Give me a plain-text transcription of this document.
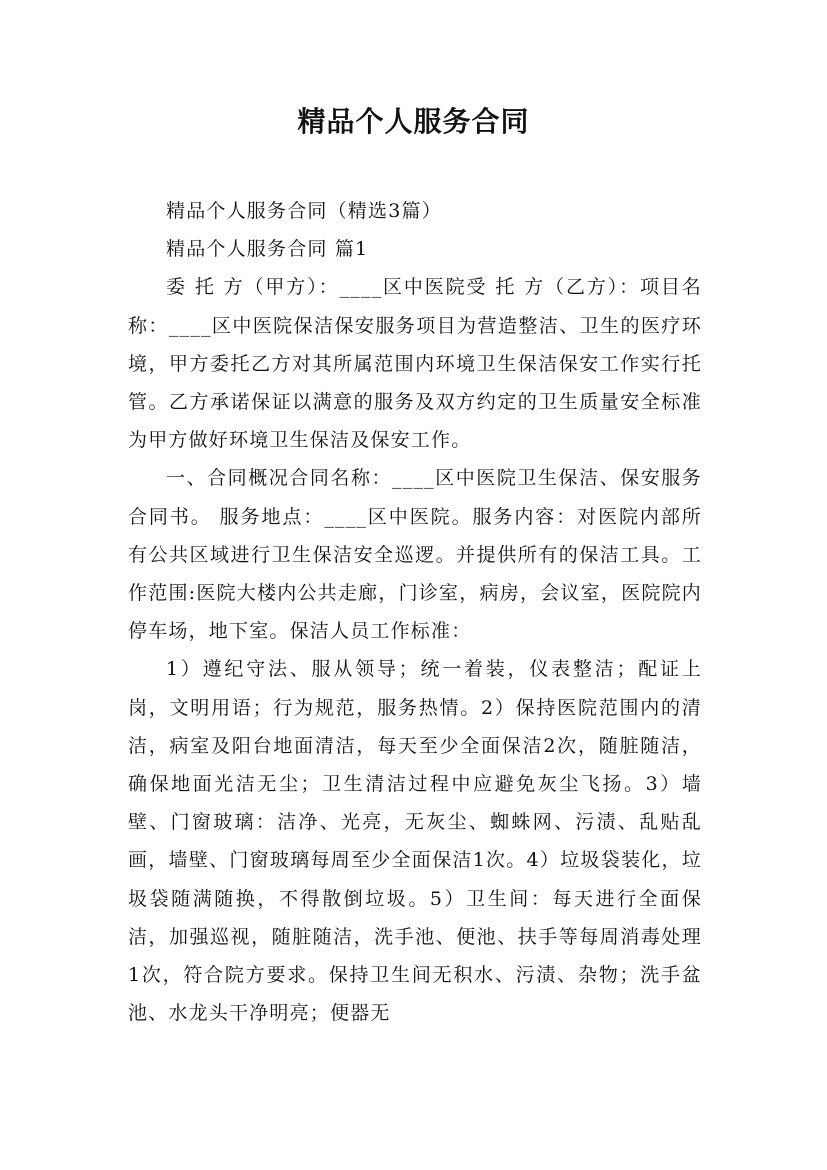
精品个人服务合同

精品个人服务合同（精选3篇）

精品个人服务合同 篇1

委 托 方（甲方）：____区中医院受 托 方（乙方）：项目名称：____区中医院保洁保安服务项目为营造整洁、卫生的医疗环境，甲方委托乙方对其所属范围内环境卫生保洁保安工作实行托管。乙方承诺保证以满意的服务及双方约定的卫生质量安全标准为甲方做好环境卫生保洁及保安工作。

一、合同概况合同名称：____区中医院卫生保洁、保安服务合同书。 服务地点：____区中医院。服务内容：对医院内部所有公共区域进行卫生保洁安全巡逻。并提供所有的保洁工具。工作范围:医院大楼内公共走廊，门诊室，病房，会议室，医院院内停车场，地下室。保洁人员工作标准：

1）遵纪守法、服从领导；统一着装，仪表整洁；配证上岗，文明用语；行为规范，服务热情。2）保持医院范围内的清洁，病室及阳台地面清洁，每天至少全面保洁2次，随脏随洁，确保地面光洁无尘；卫生清洁过程中应避免灰尘飞扬。3）墙壁、门窗玻璃：洁净、光亮，无灰尘、蜘蛛网、污渍、乱贴乱画，墙壁、门窗玻璃每周至少全面保洁1次。4）垃圾袋装化，垃圾袋随满随换，不得散倒垃圾。5）卫生间：每天进行全面保洁，加强巡视，随脏随洁，洗手池、便池、扶手等每周消毒处理1次，符合院方要求。保持卫生间无积水、污渍、杂物；洗手盆池、水龙头干净明亮；便器无
